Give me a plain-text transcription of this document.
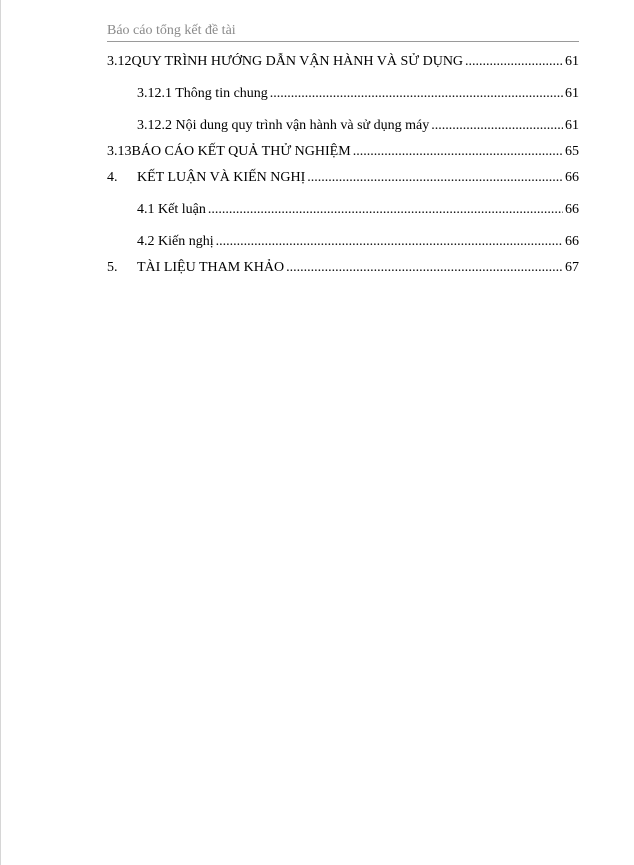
Báo cáo tổng kết đề tài
3.12 QUY TRÌNH HƯỚNG DẪN VẬN HÀNH VÀ SỬ DỤNG .....	61
3.12.1 Thông tin chung .....	61
3.12.2 Nội dung quy trình vận hành và sử dụng máy .....	61
3.13 BÁO CÁO KẾT QUẢ THỬ NGHIỆM .....	65
4.	KẾT LUẬN VÀ KIẾN NGHỊ .....	66
4.1 Kết luận .....	66
4.2 Kiến nghị .....	66
5.	TÀI LIỆU THAM KHẢO .....	67
